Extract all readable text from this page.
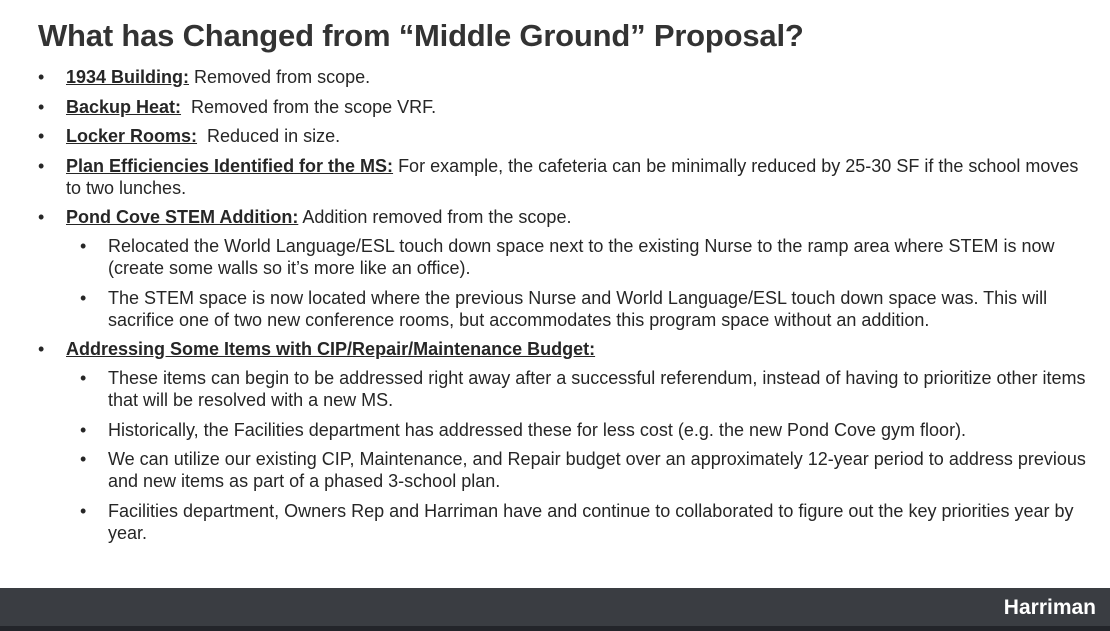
What has Changed from “Middle Ground” Proposal?
• 1934 Building: Removed from scope.
• Backup Heat:  Removed from the scope VRF.
• Locker Rooms:  Reduced in size.
• Plan Efficiencies Identified for the MS: For example, the cafeteria can be minimally reduced by 25-30 SF if the school moves to two lunches.
• Pond Cove STEM Addition: Addition removed from the scope.
• Relocated the World Language/ESL touch down space next to the existing Nurse to the ramp area where STEM is now (create some walls so it’s more like an office).
• The STEM space is now located where the previous Nurse and World Language/ESL touch down space was. This will sacrifice one of two new conference rooms, but accommodates this program space without an addition.
• Addressing Some Items with CIP/Repair/Maintenance Budget:
• These items can begin to be addressed right away after a successful referendum, instead of having to prioritize other items that will be resolved with a new MS.
• Historically, the Facilities department has addressed these for less cost (e.g. the new Pond Cove gym floor).
• We can utilize our existing CIP, Maintenance, and Repair budget over an approximately 12-year period to address previous and new items as part of a phased 3-school plan.
• Facilities department, Owners Rep and Harriman have and continue to collaborated to figure out the key priorities year by year.
Harriman
